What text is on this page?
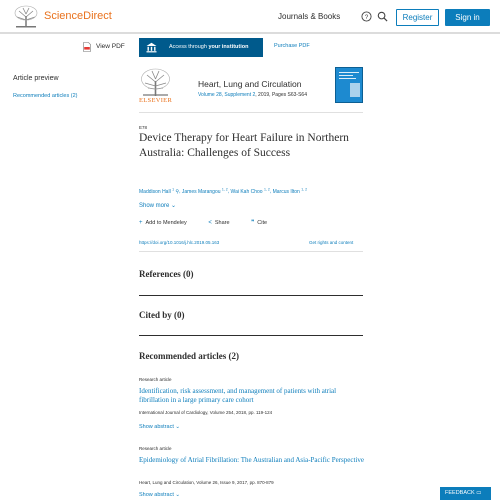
ScienceDirect	Journals & Books	?	Register	Sign in
View PDF	Access through your institution	Purchase PDF
Article preview
Recommended articles (2)
ELSEVIER
Heart, Lung and Circulation
Volume 28, Supplement 2, 2019, Pages S63-S64
E78
Device Therapy for Heart Failure in Northern Australia: Challenges of Success
Maddison Hall $^1$ ⚲, James Marangou $^{1, 2}$, Wai Kah Choo $^{1, 2}$, Marcus Ilton $^{1, 2}$
Show more ⌄
+ Add to Mendeley	< Share	❞ Cite
https://doi.org/10.1016/j.hlc.2019.05.163	Get rights and content
References (0)
Cited by (0)
Recommended articles (2)
Research article
Identification, risk assessment, and management of patients with atrial fibrillation in a large primary care cohort
International Journal of Cardiology, Volume 254, 2018, pp. 119-124
Show abstract ⌄
Research article
Epidemiology of Atrial Fibrillation: The Australian and Asia-Pacific Perspective
Heart, Lung and Circulation, Volume 26, Issue 9, 2017, pp. 870-879
Show abstract ⌄	FEEDBACK ▭
